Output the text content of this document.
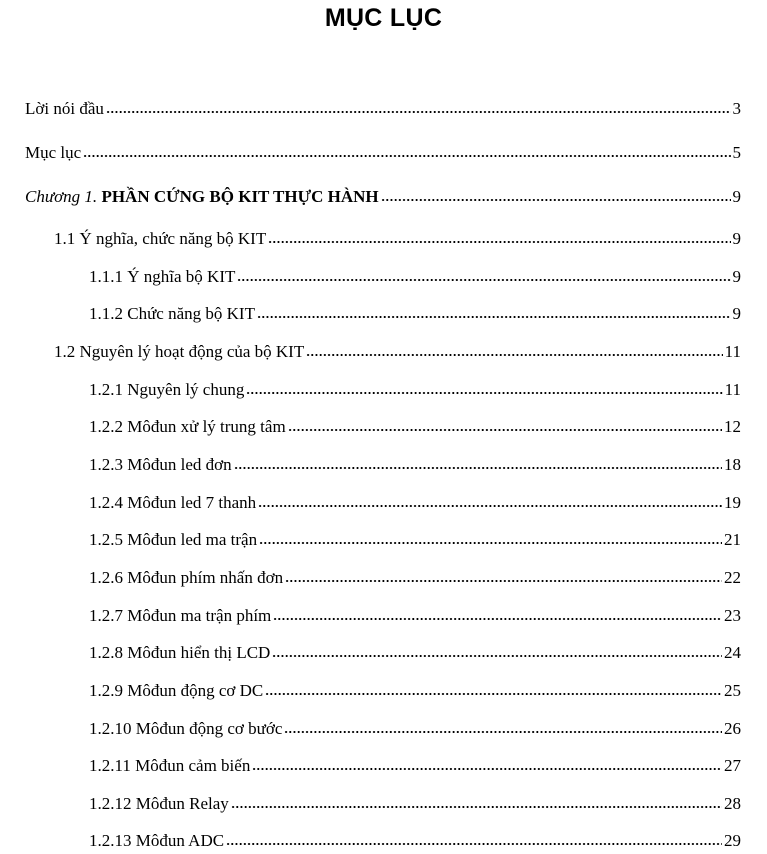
MỤC LỤC
Lời nói đầu	3
Mục lục	5
Chương 1. PHẦN CỨNG BỘ KIT THỰC HÀNH	9
1.1 Ý nghĩa, chức năng bộ KIT	9
1.1.1 Ý nghĩa bộ KIT	9
1.1.2 Chức năng bộ KIT	9
1.2 Nguyên lý hoạt động của bộ KIT	11
1.2.1 Nguyên lý chung	11
1.2.2 Môđun xử lý trung tâm	12
1.2.3 Môđun led đơn	18
1.2.4 Môđun led 7 thanh	19
1.2.5 Môđun led ma trận	21
1.2.6 Môđun phím nhấn đơn	22
1.2.7 Môđun ma trận phím	23
1.2.8 Môđun hiển thị LCD	24
1.2.9 Môđun động cơ DC	25
1.2.10 Môđun động cơ bước	26
1.2.11 Môđun cảm biến	27
1.2.12 Môđun Relay	28
1.2.13 Môđun ADC	29
